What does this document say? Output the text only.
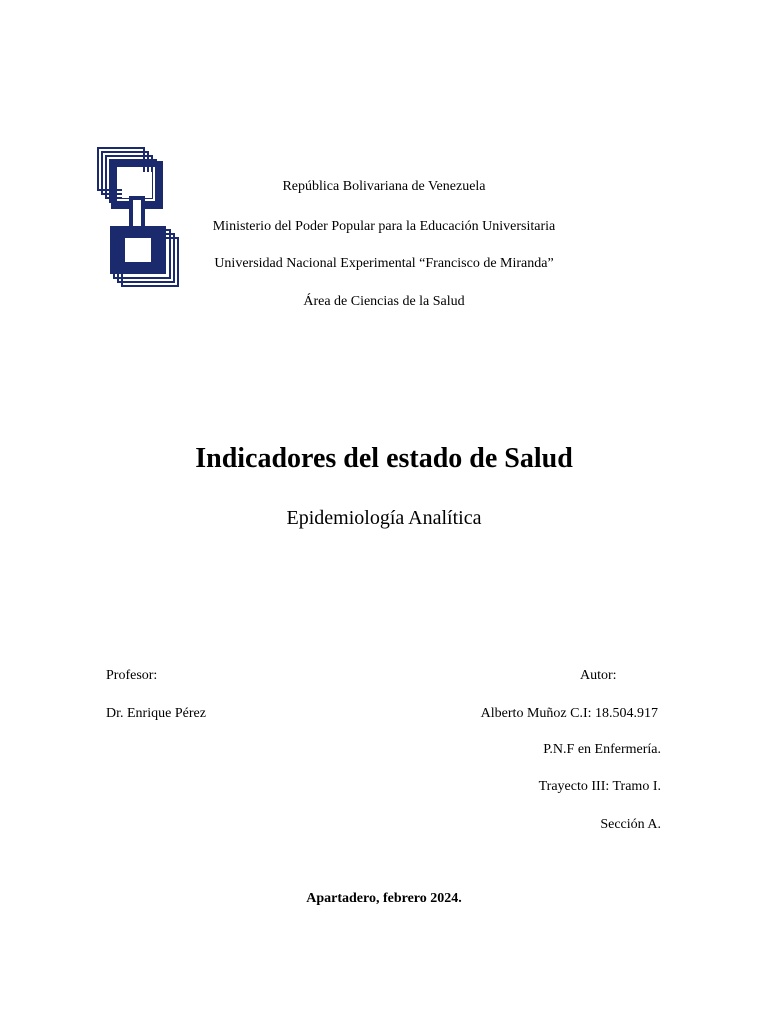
República Bolivariana de Venezuela
Ministerio del Poder Popular para la Educación Universitaria
Universidad Nacional Experimental “Francisco de Miranda”
Área de Ciencias de la Salud
Indicadores del estado de Salud
Epidemiología Analítica
Profesor:
Dr. Enrique Pérez
Autor:
Alberto Muñoz C.I: 18.504.917
P.N.F en Enfermería.
Trayecto III: Tramo I.
Sección A.
Apartadero, febrero 2024.
